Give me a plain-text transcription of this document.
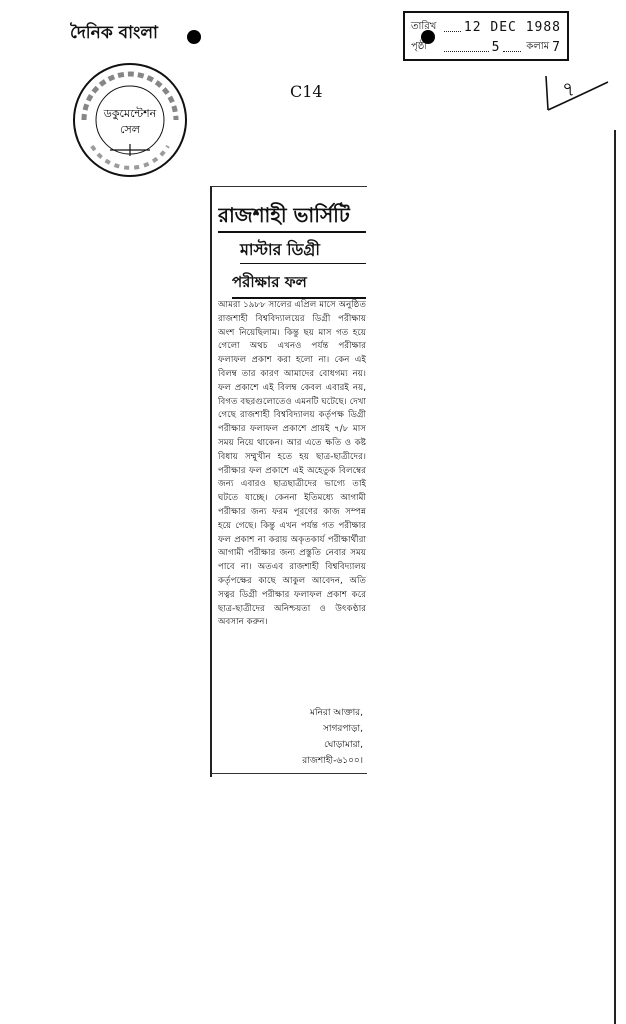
দৈনিক বাংলা
ডকুমেন্টেশন
সেল
তারিখ	12 DEC 1988
পৃষ্ঠা	5	কলাম 7
C14	৭
রাজশাহী ভার্সিটি
মাস্টার ডিগ্রী
পরীক্ষার ফল
আমরা ১৯৮৮ সালের এপ্রিল মাসে অনুষ্ঠিত রাজশাহী বিশ্ববিদ্যালয়ের ডিগ্রী পরীক্ষায় অংশ নিয়েছিলাম। কিন্তু ছয় মাস গত হয়ে গেলো অথচ এখনও পর্যন্ত পরীক্ষার ফলাফল প্রকাশ করা হলো না। কেন এই বিলম্ব তার কারণ আমাদের বোধগম্য নয়। ফল প্রকাশে এই বিলম্ব কেবল এবারই নয়, বিগত বছরগুলোতেও এমনটি ঘটেছে। দেখা গেছে রাজশাহী বিশ্ববিদ্যালয় কর্তৃপক্ষ ডিগ্রী পরীক্ষার ফলাফল প্রকাশে প্রায়ই ৭/৮ মাস সময় নিয়ে থাকেন। আর এতে ক্ষতি ও কষ্ট বিধায় সম্মুখীন হতে হয় ছাত্র-ছাত্রীদের। পরীক্ষার ফল প্রকাশে এই অহেতুক বিলম্বের জন্য এবারও ছাত্রছাত্রীদের ভাগ্যে তাই ঘটতে যাচ্ছে। কেননা ইতিমধ্যে আগামী পরীক্ষার জন্য ফরম পূরণের কাজ সম্পন্ন হয়ে গেছে। কিন্তু এখন পর্যন্ত গত পরীক্ষার ফল প্রকাশ না করায় অকৃতকার্য পরীক্ষার্থীরা আগামী পরীক্ষার জন্য প্রস্তুতি নেবার সময় পাবে না। অতএব রাজশাহী বিশ্ববিদ্যালয় কর্তৃপক্ষের কাছে আকুল আবেদন, অতি সত্বর ডিগ্রী পরীক্ষার ফলাফল প্রকাশ করে ছাত্র-ছাত্রীদের অনিশ্চয়তা ও উৎকণ্ঠার অবসান করুন।
মনিরা আক্তার,
সাগরপাড়া,
ঘোড়ামারা,
রাজশাহী-৬১০০।
